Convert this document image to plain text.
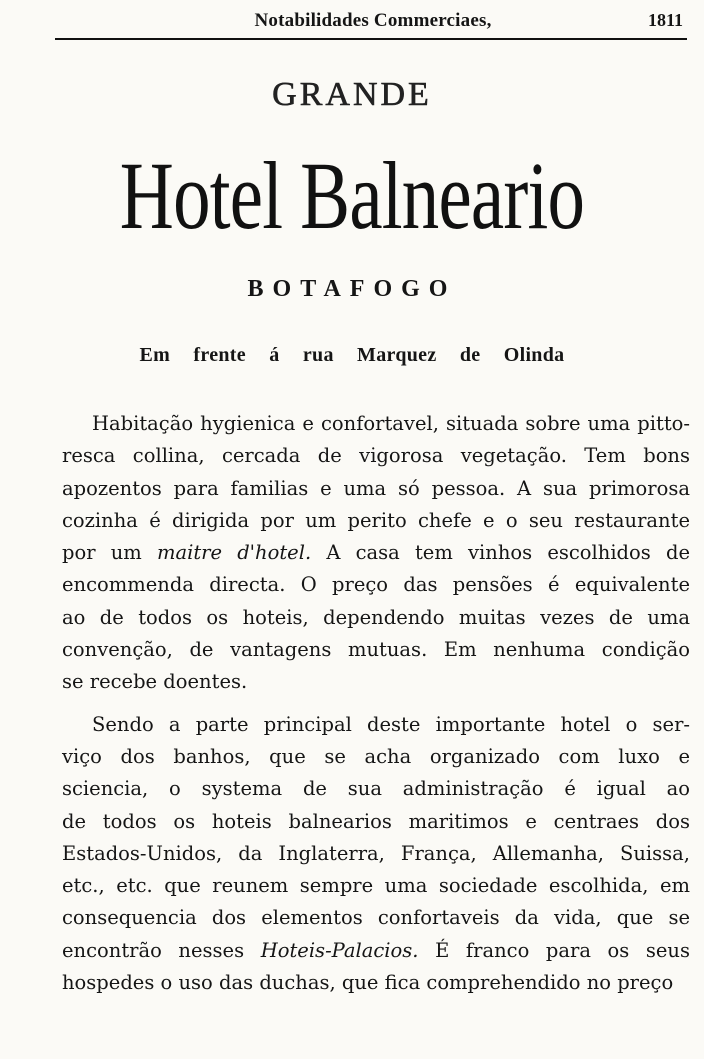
Notabilidades Commerciaes,	1811
GRANDE
Hotel Balneario
BOTAFOGO
Em frente á rua Marquez de Olinda
Habitação hygienica e confortavel, situada sobre uma pitto-
resca collina, cercada de vigorosa vegetação. Tem bons
apozentos para familias e uma só pessoa. A sua primorosa
cozinha é dirigida por um perito chefe e o seu restaurante
por um maitre d'hotel. A casa tem vinhos escolhidos de
encommenda directa. O preço das pensões é equivalente
ao de todos os hoteis, dependendo muitas vezes de uma
convenção, de vantagens mutuas. Em nenhuma condição
se recebe doentes.
Sendo a parte principal deste importante hotel o ser-
viço dos banhos, que se acha organizado com luxo e
sciencia, o systema de sua administração é igual ao
de todos os hoteis balnearios maritimos e centraes dos
Estados-Unidos, da Inglaterra, França, Allemanha, Suissa,
etc., etc. que reunem sempre uma sociedade escolhida, em
consequencia dos elementos confortaveis da vida, que se
encontrão nesses Hoteis-Palacios. É franco para os seus
hospedes o uso das duchas, que fica comprehendido no preço
